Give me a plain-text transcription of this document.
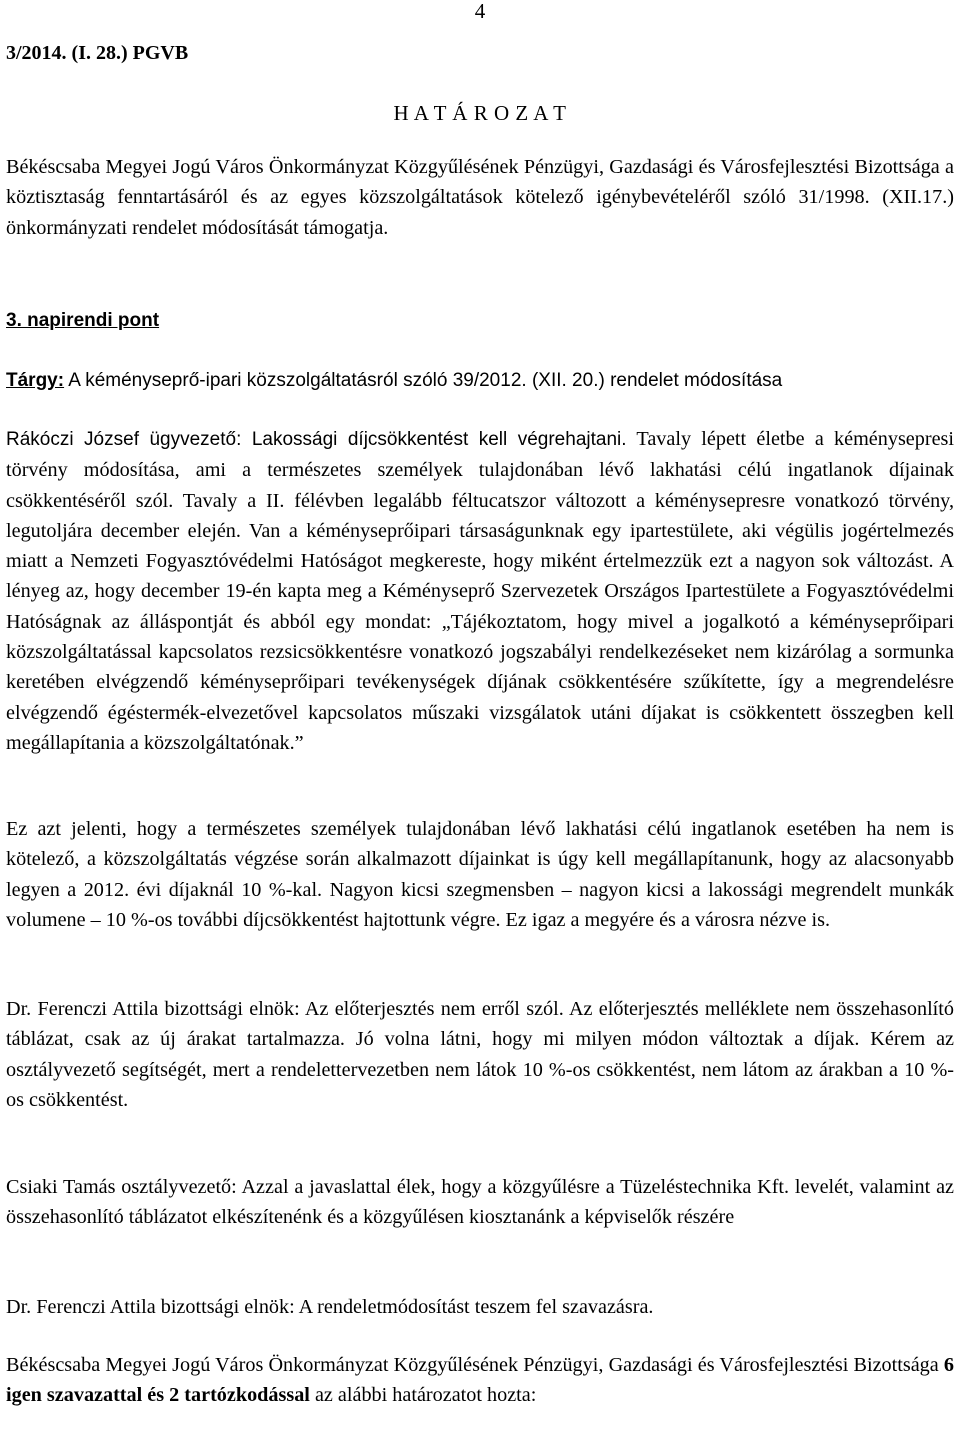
4
3/2014. (I. 28.) PGVB
H A T Á R O Z A T

Békéscsaba Megyei Jogú Város Önkormányzat Közgyűlésének Pénzügyi, Gazdasági és Városfejlesztési Bizottsága a köztisztaság fenntartásáról és az egyes közszolgáltatások kötelező igénybevételéről szóló 31/1998. (XII.17.) önkormányzati rendelet módosítását támogatja.

3. napirendi pont

Tárgy: A kéményseprő-ipari közszolgáltatásról szóló 39/2012. (XII. 20.) rendelet módosítása

Rákóczi József ügyvezető: Lakossági díjcsökkentést kell végrehajtani. Tavaly lépett életbe a kéménysepresi törvény módosítása, ami a természetes személyek tulajdonában lévő lakhatási célú ingatlanok díjainak csökkentéséről szól. Tavaly a II. félévben legalább féltucatszor változott a kéménysepresre vonatkozó törvény, legutoljára december elején. Van a kéményseprőipari társaságunknak egy ipartestülete, aki végülis jogértelmezés miatt a Nemzeti Fogyasztóvédelmi Hatóságot megkereste, hogy miként értelmezzük ezt a nagyon sok változást. A lényeg az, hogy december 19-én kapta meg a Kéményseprő Szervezetek Országos Ipartestülete a Fogyasztóvédelmi Hatóságnak az álláspontját és abból egy mondat: „Tájékoztatom, hogy mivel a jogalkotó a kéményseprőipari közszolgáltatással kapcsolatos rezsicsökkentésre vonatkozó jogszabályi rendelkezéseket nem kizárólag a sormunka keretében elvégzendő kéményseprőipari tevékenységek díjának csökkentésére szűkítette, így a megrendelésre elvégzendő égéstermék-elvezetővel kapcsolatos műszaki vizsgálatok utáni díjakat is csökkentett összegben kell megállapítania a közszolgáltatónak.”

Ez azt jelenti, hogy a természetes személyek tulajdonában lévő lakhatási célú ingatlanok esetében ha nem is kötelező, a közszolgáltatás végzése során alkalmazott díjainkat is úgy kell megállapítanunk, hogy az alacsonyabb legyen a 2012. évi díjaknál 10 %-kal. Nagyon kicsi szegmensben – nagyon kicsi a lakossági megrendelt munkák volumene – 10 %-os további díjcsökkentést hajtottunk végre. Ez igaz a megyére és a városra nézve is.

Dr. Ferenczi Attila bizottsági elnök: Az előterjesztés nem erről szól. Az előterjesztés melléklete nem összehasonlító táblázat, csak az új árakat tartalmazza. Jó volna látni, hogy mi milyen módon változtak a díjak. Kérem az osztályvezető segítségét, mert a rendelettervezetben nem látok 10 %-os csökkentést, nem látom az árakban a 10 %-os csökkentést.

Csiaki Tamás osztályvezető: Azzal a javaslattal élek, hogy a közgyűlésre a Tüzeléstechnika Kft. levelét, valamint az összehasonlító táblázatot elkészítenénk és a közgyűlésen kiosztanánk a képviselők részére

Dr. Ferenczi Attila bizottsági elnök: A rendeletmódosítást teszem fel szavazásra.

Békéscsaba Megyei Jogú Város Önkormányzat Közgyűlésének Pénzügyi, Gazdasági és Városfejlesztési Bizottsága 6 igen szavazattal és 2 tartózkodással az alábbi határozatot hozta:
